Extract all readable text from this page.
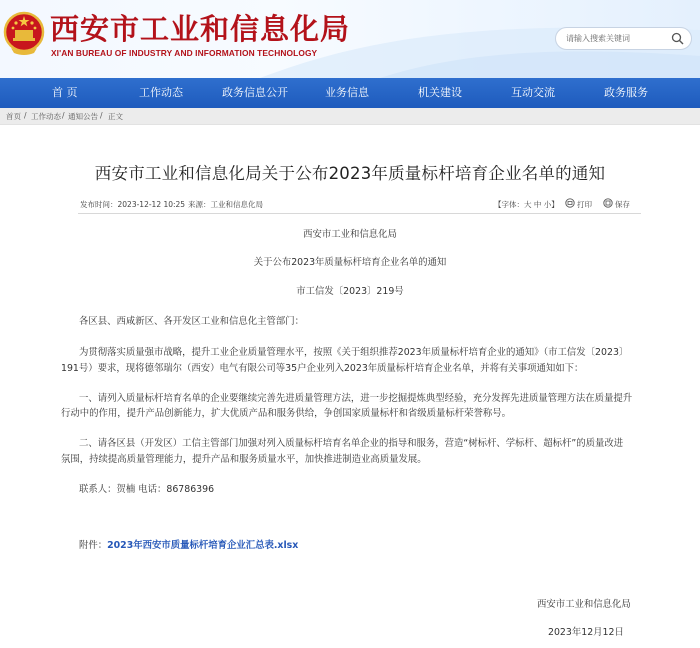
西安市工业和信息化局
XI'AN BUREAU OF INDUSTRY AND INFORMATION TECHNOLOGY
请输入搜索关键词
首 页	工作动态	政务信息公开	业务信息	机关建设	互动交流	政务服务
首页 / 工作动态 / 通知公告 / 正文
西安市工业和信息化局关于公布2023年质量标杆培育企业名单的通知
发布时间：2023-12-12 10:25 来源：工业和信息化局	【字体：大 中 小】 打印	保存
西安市工业和信息化局
关于公布2023年质量标杆培育企业名单的通知
市工信发〔2023〕219号
各区县、西咸新区、各开发区工业和信息化主管部门：
为贯彻落实质量强市战略，提升工业企业质量管理水平，按照《关于组织推荐2023年质量标杆培育企业的通知》（市工信发〔2023〕
191号）要求，现将德邻瑞尔（西安）电气有限公司等35户企业列入2023年质量标杆培育企业名单，并将有关事项通知如下：
一、请列入质量标杆培育名单的企业要继续完善先进质量管理方法，进一步挖掘提炼典型经验，充分发挥先进质量管理方法在质量提升
行动中的作用，提升产品创新能力，扩大优质产品和服务供给，争创国家质量标杆和省级质量标杆荣誉称号。
二、请各区县（开发区）工信主管部门加强对列入质量标杆培育名单企业的指导和服务，营造“树标杆、学标杆、超标杆”的质量改进
氛围，持续提高质量管理能力，提升产品和服务质量水平，加快推进制造业高质量发展。
联系人：贺楠 电话：86786396
附件：2023年西安市质量标杆培育企业汇总表.xlsx
西安市工业和信息化局
2023年12月12日
